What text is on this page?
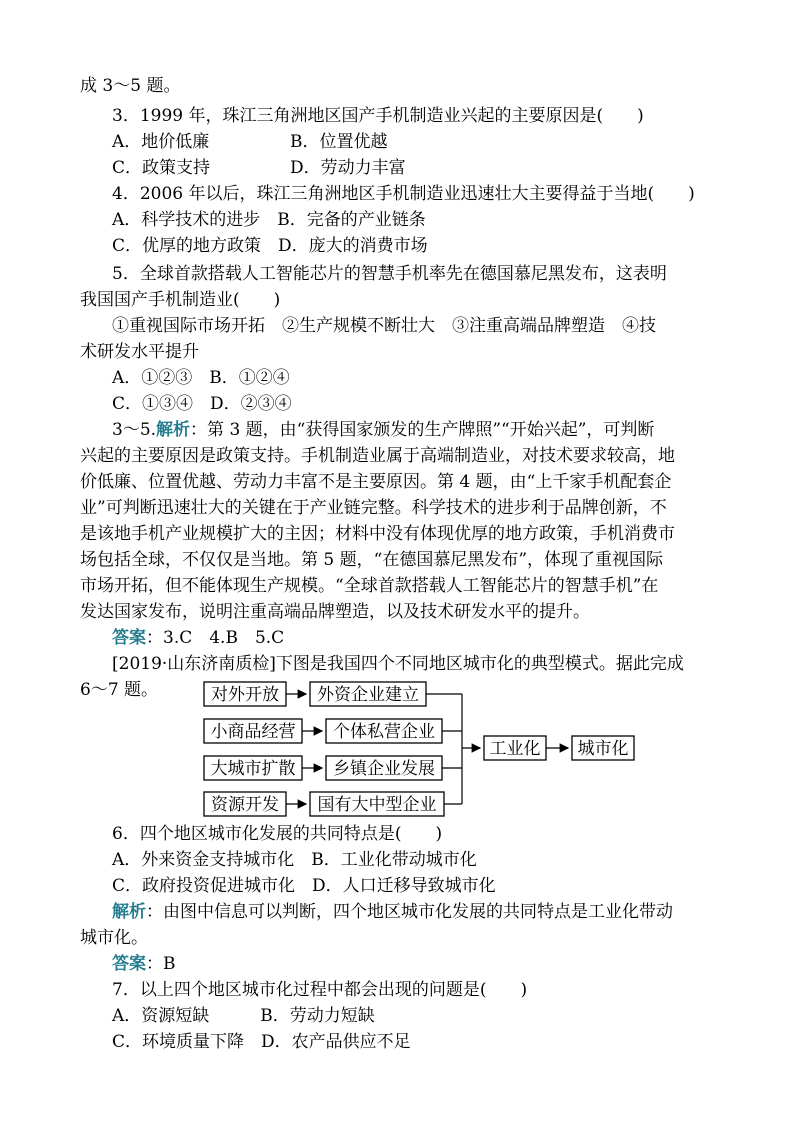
成 3～5 题。
3．1999 年，珠江三角洲地区国产手机制造业兴起的主要原因是(　　)
A．地价低廉	B．位置优越
C．政策支持	D．劳动力丰富
4．2006 年以后，珠江三角洲地区手机制造业迅速壮大主要得益于当地(　　)
A．科学技术的进步　B．完备的产业链条
C．优厚的地方政策　D．庞大的消费市场
5．全球首款搭载人工智能芯片的智慧手机率先在德国慕尼黑发布，这表明
我国国产手机制造业(　　)
①重视国际市场开拓　②生产规模不断壮大　③注重高端品牌塑造　④技
术研发水平提升
A．①②③　B．①②④
C．①③④　D．②③④
3～5.解析：第 3 题，由“获得国家颁发的生产牌照”“开始兴起”，可判断
兴起的主要原因是政策支持。手机制造业属于高端制造业，对技术要求较高，地
价低廉、位置优越、劳动力丰富不是主要原因。第 4 题，由“上千家手机配套企
业”可判断迅速壮大的关键在于产业链完整。科学技术的进步利于品牌创新，不
是该地手机产业规模扩大的主因；材料中没有体现优厚的地方政策，手机消费市
场包括全球，不仅仅是当地。第 5 题，“在德国慕尼黑发布”，体现了重视国际
市场开拓，但不能体现生产规模。“全球首款搭载人工智能芯片的智慧手机”在
发达国家发布，说明注重高端品牌塑造，以及技术研发水平的提升。
答案：3.C　4.B　5.C
[2019·山东济南质检]下图是我国四个不同地区城市化的典型模式。据此完成
6～7 题。	对外开放
小商品经营
大城市扩散
资源开发
外资企业建立
个体私营企业
乡镇企业发展
国有大中型企业
工业化 城市化
6．四个地区城市化发展的共同特点是(　　)
A．外来资金支持城市化　B．工业化带动城市化
C．政府投资促进城市化　D．人口迁移导致城市化
解析：由图中信息可以判断，四个地区城市化发展的共同特点是工业化带动
城市化。
答案：B
7．以上四个地区城市化过程中都会出现的问题是(　　)
A．资源短缺　　　B．劳动力短缺
C．环境质量下降　D．农产品供应不足
